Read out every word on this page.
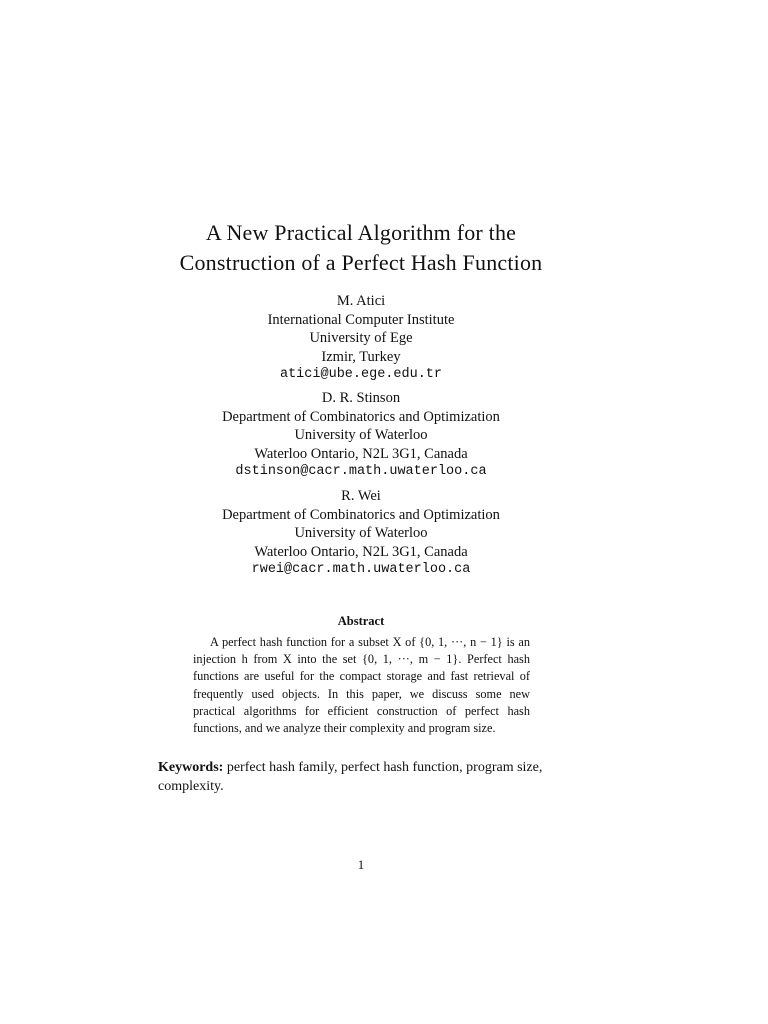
A New Practical Algorithm for the
Construction of a Perfect Hash Function
M. Atici
International Computer Institute
University of Ege
Izmir, Turkey
atici@ube.ege.edu.tr
D. R. Stinson
Department of Combinatorics and Optimization
University of Waterloo
Waterloo Ontario, N2L 3G1, Canada
dstinson@cacr.math.uwaterloo.ca
R. Wei
Department of Combinatorics and Optimization
University of Waterloo
Waterloo Ontario, N2L 3G1, Canada
rwei@cacr.math.uwaterloo.ca
Abstract
A perfect hash function for a subset X of {0, 1, ···, n − 1} is an injection h from X into the set {0, 1, ···, m − 1}. Perfect hash functions are useful for the compact storage and fast retrieval of frequently used objects. In this paper, we discuss some new practical algorithms for efficient construction of perfect hash functions, and we analyze their complexity and program size.
Keywords: perfect hash family, perfect hash function, program size, complexity.
1
